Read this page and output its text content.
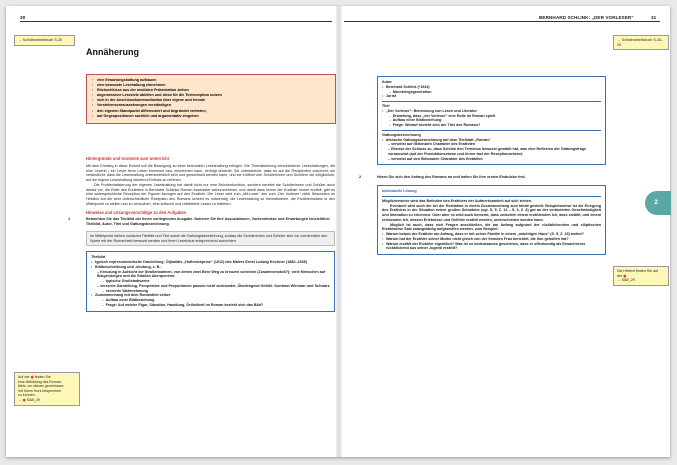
30	BERNHARD SCHLINK: „DER VORLESER“	31
→ Schülerarbeitsbuch S.28	→ Schülerarbeitsbuch S.28–29
Auf der ◉ finden Sie
eine Abbildung des Roman-
titels, um diesen gemeinsam
mit Ihrem Kurs besprechen
zu können.
→ ◉ SAB_29
Die Hörtext finden Sie auf
der ◉
→ SAB_29
Annäherung
› eine Erwartungshaltung aufbauen
› eine bewusste Lesehaltung einnehmen
› Rückschlüsse aus der medialen Präsentation ziehen
› angemessene Leseziele ableiten und diese für die Textrezeption nutzen
› sich in der Anschlusskommunikation über eigene und fremde
› Verstehensvoraussetzungen verständigen
› den eigenen Standpunkt differenziert und begründet vertreten,
› auf Gegenpositionen sachlich und argumentativ eingehen
Hintergründe und Kontexte zum Unterricht
Mit dem Einstieg in diese Einheit soll die Bewegung zu einer bewussten Leseshaltung erfolgen. Die Thematisierung verschiedener Leseshaltungen, die eine Leserin / ein Leser beim Lesen einnimmt bzw. einnehmen kann, verfolgt dreierlei: Sie unterstreicht, dass es auf die Rezipienten ankommt; sie verdeutlicht, dass die Leseshaltung unterschiedlich sein und gewechselt werden kann, und sie eröffnet den Schülerinnen und Schülern die Möglichkeit, auf die eigene Leseshaltung steuernd Einfluss zu nehmen.
Die Problematisierung der eigenen Leseshaltung hat damit nicht nur eine Brückenfunktion, sondern bereitet die Schülerinnen und Schüler auch darauf vor, die Rolle des Erzählers in Bernhard Schlinks Roman bewusster wahrzunehmen, und damit dass keiner der Erzähler immer erzählt, gibt es eine widersprüchliche Rezeption der Figuren bezogen auf den Erzähler. Der Leser wird zum „Mit-Leser“ den zum „Der Vorleser“ zählt. Besonders im Hinblick auf die sehr unterschiedliche Rezeption des Romans scheint es notwendig, die Leseshaltung zu thematisieren, die Erzählerinstanz in den Mittelpunkt zu stellen und zu versuchen, eine kritische und reflektierte Lesart zu initiieren.
Hinweise und Lösungsvorschläge zu den Aufgaben
1	Betrachten Sie das Titelbild der Ihnen vorliegenden Ausgabe. Notieren Sie Ihre Assoziationen, Vorkenntnisse und Erwartungen hinsichtlich Titelbild, Autor, Titel und Gattungsbezeichnung.
Im Mittelpunkt stehen zunächst Titelbild und Titel sowie die Gattungsbezeichnung, sodass die Schülerinnen und Schüler sich vor vornehmlich den Spiele mit der Romanheld bewusst werden und ihren Lesefokus entsprechend ausrichten.
Titelbild
• typisch expressionistische Darstellung: Öljbaildis „Hofinnickprinz“ (1912) des Malers Ernst Ludwig Kirchner (1880–1938)
• Bildbeschreibung und -deutung, z. B.:
– Kreuzung in Aufsicht vor Straßenbahnen, von denen zwei Bern Weg zu kreuzen scheinen (Zusammenstoß?); viele Menschen auf Bürgersteigen und die Straßen überquerend
→ typische Großstadtszene
– verzerrte Darstellung, Perspektive und Proportionen passen nicht zueinander, Übertragend Gefühl: Kontrast Wirrwarr und Schwarz
→ verzerrte Wahrnehmung
• Zusammenhang mit dem Romantitel selber
→ Aufbau einer Bildbeziehung
→ Frage: Auf welche Figur, Situation, Handlung, Örtlichkeit im Roman bezieht sich das Bild?
Autor
• Bernhard Schlink (*1944)
→ Nachkriegsgeneration
• Jurist
Titel
• „Der Vorleser“: Benennung von Lesen und Literatur
→ Erwartung, dass „der Vorleser“ eine Rolle im Roman spielt
→ Aufbau einer Bildbeziehung
→ Frage: Worauf bezieht sich der Titel des Romans?
Gattungsbezeichnung
• deutsche Gattungsbezeichnung auf dem Titelblatt „Roman“
– verweist auf fiktionalen Charakter des Erzählten
– Ebenso der Schluss zu, dass Schlink den Terminus bewusst gewählt hat, was eine Reflexion der Gattungsfrage voraussetzt (auf der Produktionsebene und ferner fast der Rezeptionsebene)
– verweist auf den fiktionalen Charakter des Erzählten
2	Hören Sie sich den Anfang des Romans an und halten Sie Ihre ersten Eindrücke fest.
Individuelle Lösung
Möglicherweise wird das Befinden des Erzählers der Aufmerksamkeit auf sich ziehen.
Eventuell wird auch die Art der Rezitation in einem Zusammenhang zum Inhalt gestellt: Beispielsweise ist die Erregung des Erzählers in der Situation seiner großen Schwäche (vgl. S. 5, Z. 14 – S. 6, Z. 8) gut an der veränderten Geschwindigkeit und Intonation zu erkennen. Oder aber es wird auch bemerkt, dass zwischen einem erzählenden Ich, dass erzählt, und einem erlebenden Ich, dessen Erlebnisse und Gefühle erzählt werden, unterschieden werden kann.
Möglich ist auch, dass sich Fragen anschließen, die am Anfang aufgrund der rückblickenden und elliptischen Erzählweise Satz zwangsläufig aufgeworfen werden, zum Beispiel:
• Warum betont der Erzähler am Anfang, dass er mit seiner Familie in einem „mächtigen Haus“ (S. 5, Z. 15) wohnt?
• Warum hat der Erzähler seiner Mutter nicht gleich von der fremden Frau berichtet, die ihm geholfen hat?
• Warum erzählt der Erzähler eigentlich? Was ist so bedeutsames geschehen, dass er offenkundig als Erwachsener rückblickend aus seiner Jugend erzählt?
2
